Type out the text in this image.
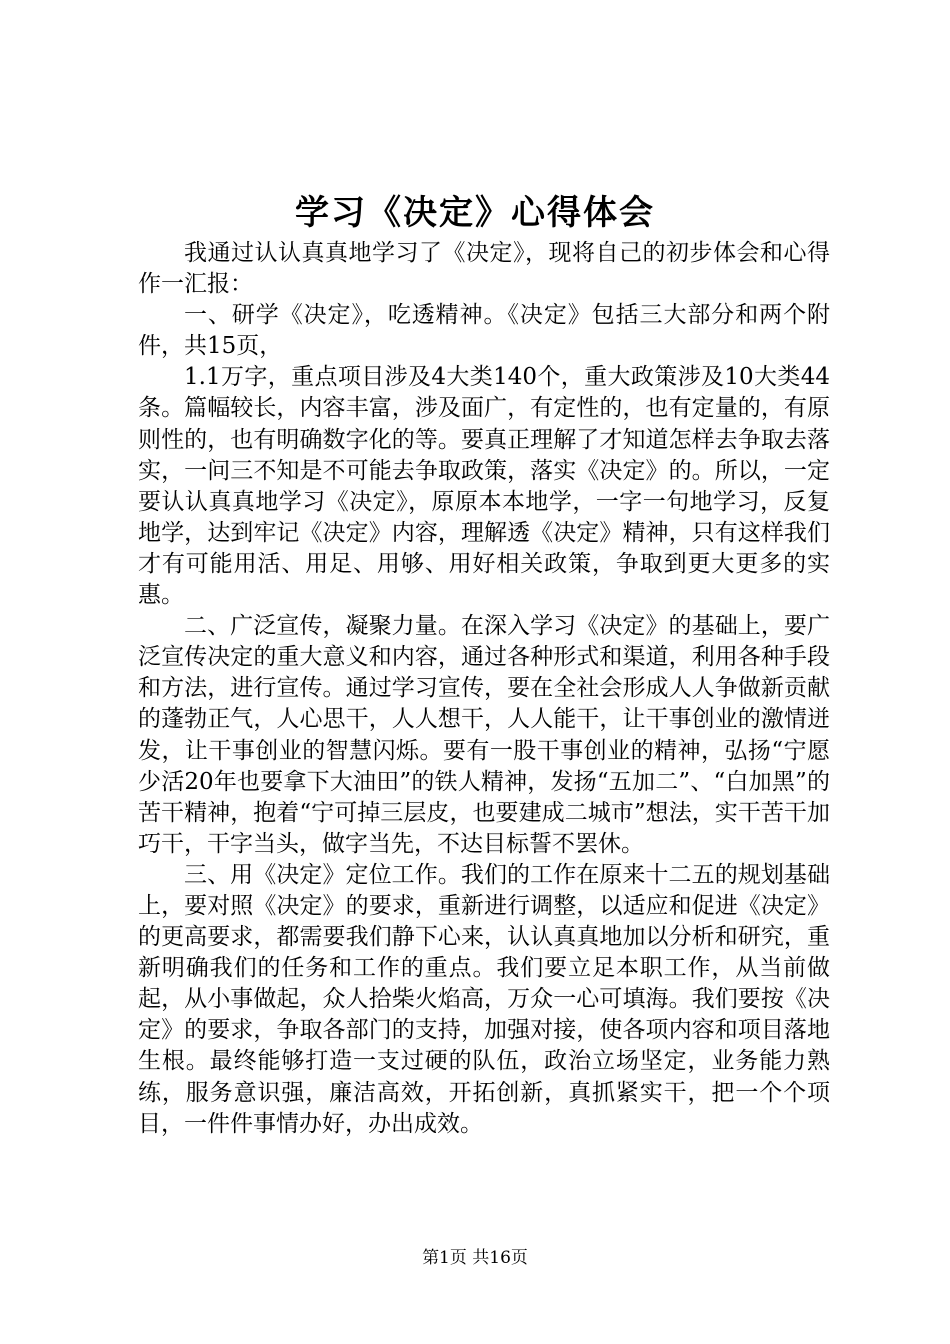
学习《决定》心得体会

我通过认认真真地学习了《决定》，现将自己的初步体会和心得作一汇报：

一、研学《决定》，吃透精神。《决定》包括三大部分和两个附件，共15页，

1.1万字，重点项目涉及4大类140个，重大政策涉及10大类44条。篇幅较长，内容丰富，涉及面广，有定性的，也有定量的，有原则性的，也有明确数字化的等。要真正理解了才知道怎样去争取去落实，一问三不知是不可能去争取政策，落实《决定》的。所以，一定要认认真真地学习《决定》，原原本本地学，一字一句地学习，反复地学，达到牢记《决定》内容，理解透《决定》精神，只有这样我们才有可能用活、用足、用够、用好相关政策，争取到更大更多的实惠。

二、广泛宣传，凝聚力量。在深入学习《决定》的基础上，要广泛宣传决定的重大意义和内容，通过各种形式和渠道，利用各种手段和方法，进行宣传。通过学习宣传，要在全社会形成人人争做新贡献的蓬勃正气，人心思干，人人想干，人人能干，让干事创业的激情迸发，让干事创业的智慧闪烁。要有一股干事创业的精神，弘扬“宁愿少活20年也要拿下大油田”的铁人精神，发扬“五加二”、“白加黑”的苦干精神，抱着“宁可掉三层皮，也要建成二城市”想法，实干苦干加巧干，干字当头，做字当先，不达目标誓不罢休。

三、用《决定》定位工作。我们的工作在原来十二五的规划基础上，要对照《决定》的要求，重新进行调整，以适应和促进《决定》的更高要求，都需要我们静下心来，认认真真地加以分析和研究，重新明确我们的任务和工作的重点。我们要立足本职工作，从当前做起，从小事做起，众人拾柴火焰高，万众一心可填海。我们要按《决定》的要求，争取各部门的支持，加强对接，使各项内容和项目落地生根。最终能够打造一支过硬的队伍，政治立场坚定，业务能力熟练，服务意识强，廉洁高效，开拓创新，真抓紧实干，把一个个项目，一件件事情办好，办出成效。

第1页 共16页
